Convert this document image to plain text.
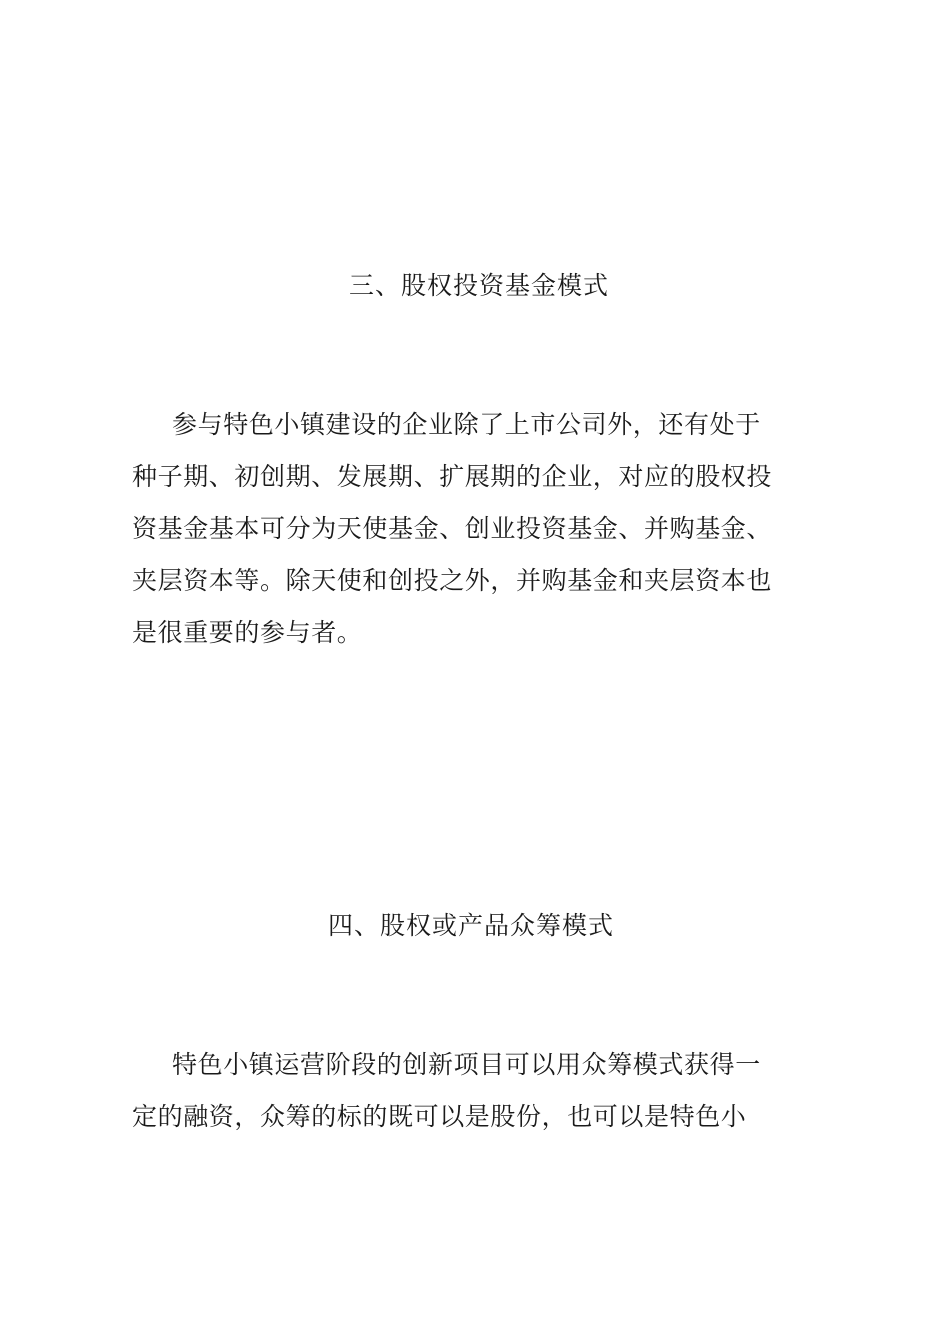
三、股权投资基金模式
参与特色小镇建设的企业除了上市公司外，还有处于
种子期、初创期、发展期、扩展期的企业，对应的股权投
资基金基本可分为天使基金、创业投资基金、并购基金、
夹层资本等。除天使和创投之外，并购基金和夹层资本也
是很重要的参与者。
四、股权或产品众筹模式
特色小镇运营阶段的创新项目可以用众筹模式获得一
定的融资，众筹的标的既可以是股份，也可以是特色小
